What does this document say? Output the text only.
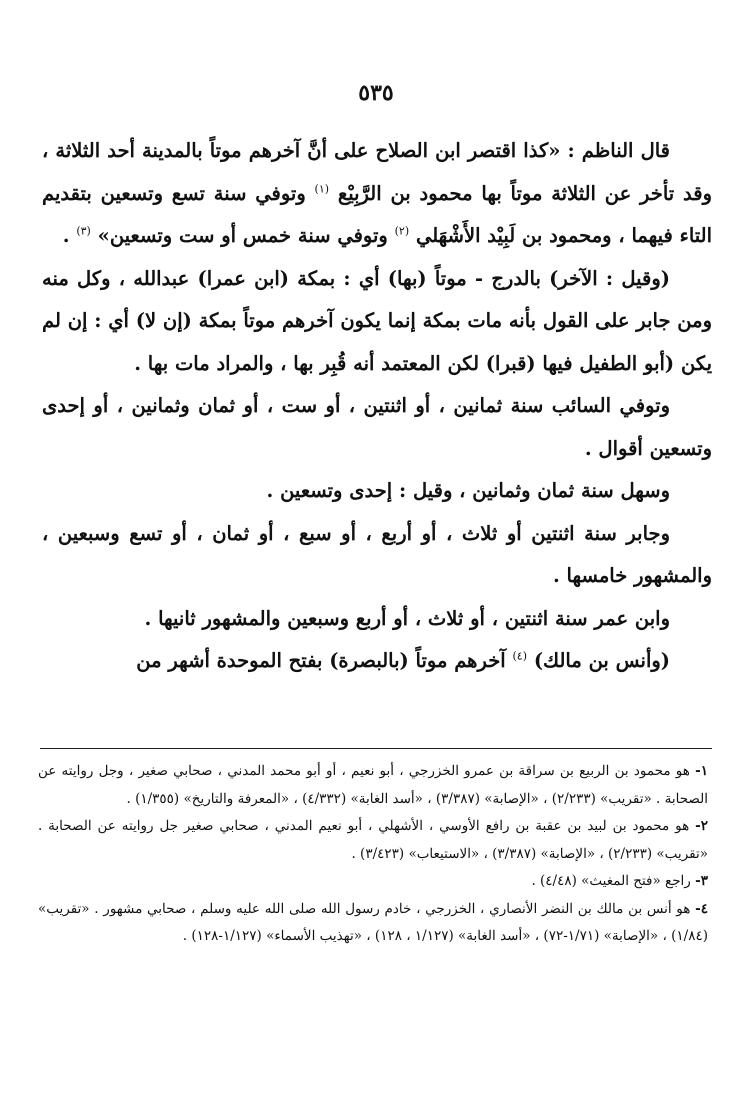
٥٣٥

قال الناظم : «كذا اقتصر ابن الصلاح على أنَّ آخرهم موتاً بالمدينة أحد الثلاثة ، وقد تأخر عن الثلاثة موتاً بها محمود بن الرَّبِيْع $^{(١)}$ وتوفي سنة تسع وتسعين بتقديم التاء فيهما ، ومحمود بن لَبِيْد الأَشْهَلي $^{(٢)}$ وتوفي سنة خمس أو ست وتسعين» $^{(٣)}$ .

(وقيل : الآخر) بالدرج - موتاً (بها) أي : بمكة (ابن عمرا) عبدالله ، وكل منه ومن جابر على القول بأنه مات بمكة إنما يكون آخرهم موتاً بمكة (إن لا) أي : إن لم يكن (أبو الطفيل فيها (قبرا) لكن المعتمد أنه قُبِر بها ، والمراد مات بها .

وتوفي السائب سنة ثمانين ، أو اثنتين ، أو ست ، أو ثمان وثمانين ، أو إحدى وتسعين أقوال .

وسهل سنة ثمان وثمانين ، وقيل : إحدى وتسعين .

وجابر سنة اثنتين أو ثلاث ، أو أربع ، أو سبع ، أو ثمان ، أو تسع وسبعين ، والمشهور خامسها .

وابن عمر سنة اثنتين ، أو ثلاث ، أو أربع وسبعين والمشهور ثانيها .

(وأنس بن مالك) $^{(٤)}$ آخرهم موتاً (بالبصرة) بفتح الموحدة أشهر من

١- هو محمود بن الربيع بن سراقة بن عمرو الخزرجي ، أبو نعيم ، أو أبو محمد المدني ، صحابي صغير ، وجل روايته عن الصحابة . «تقريب» (٢/٢٣٣) ، «الإصابة» (٣/٣٨٧) ، «أسد الغابة» (٤/٣٣٢) ، «المعرفة والتاريخ» (١/٣٥٥) .

٢- هو محمود بن لبيد بن عقبة بن رافع الأوسي ، الأشهلي ، أبو نعيم المدني ، صحابي صغير جل روايته عن الصحابة . «تقريب» (٢/٢٣٣) ، «الإصابة» (٣/٣٨٧) ، «الاستيعاب» (٣/٤٢٣) .

٣- راجع «فتح المغيث» (٤/٤٨) .

٤- هو أنس بن مالك بن النضر الأنصاري ، الخزرجي ، خادم رسول الله صلى الله عليه وسلم ، صحابي مشهور . «تقريب» (١/٨٤) ، «الإصابة» (١/٧١-٧٢) ، «أسد الغابة» (١/١٢٧ ، ١٢٨) ، «تهذيب الأسماء» (١/١٢٧-١٢٨) .
